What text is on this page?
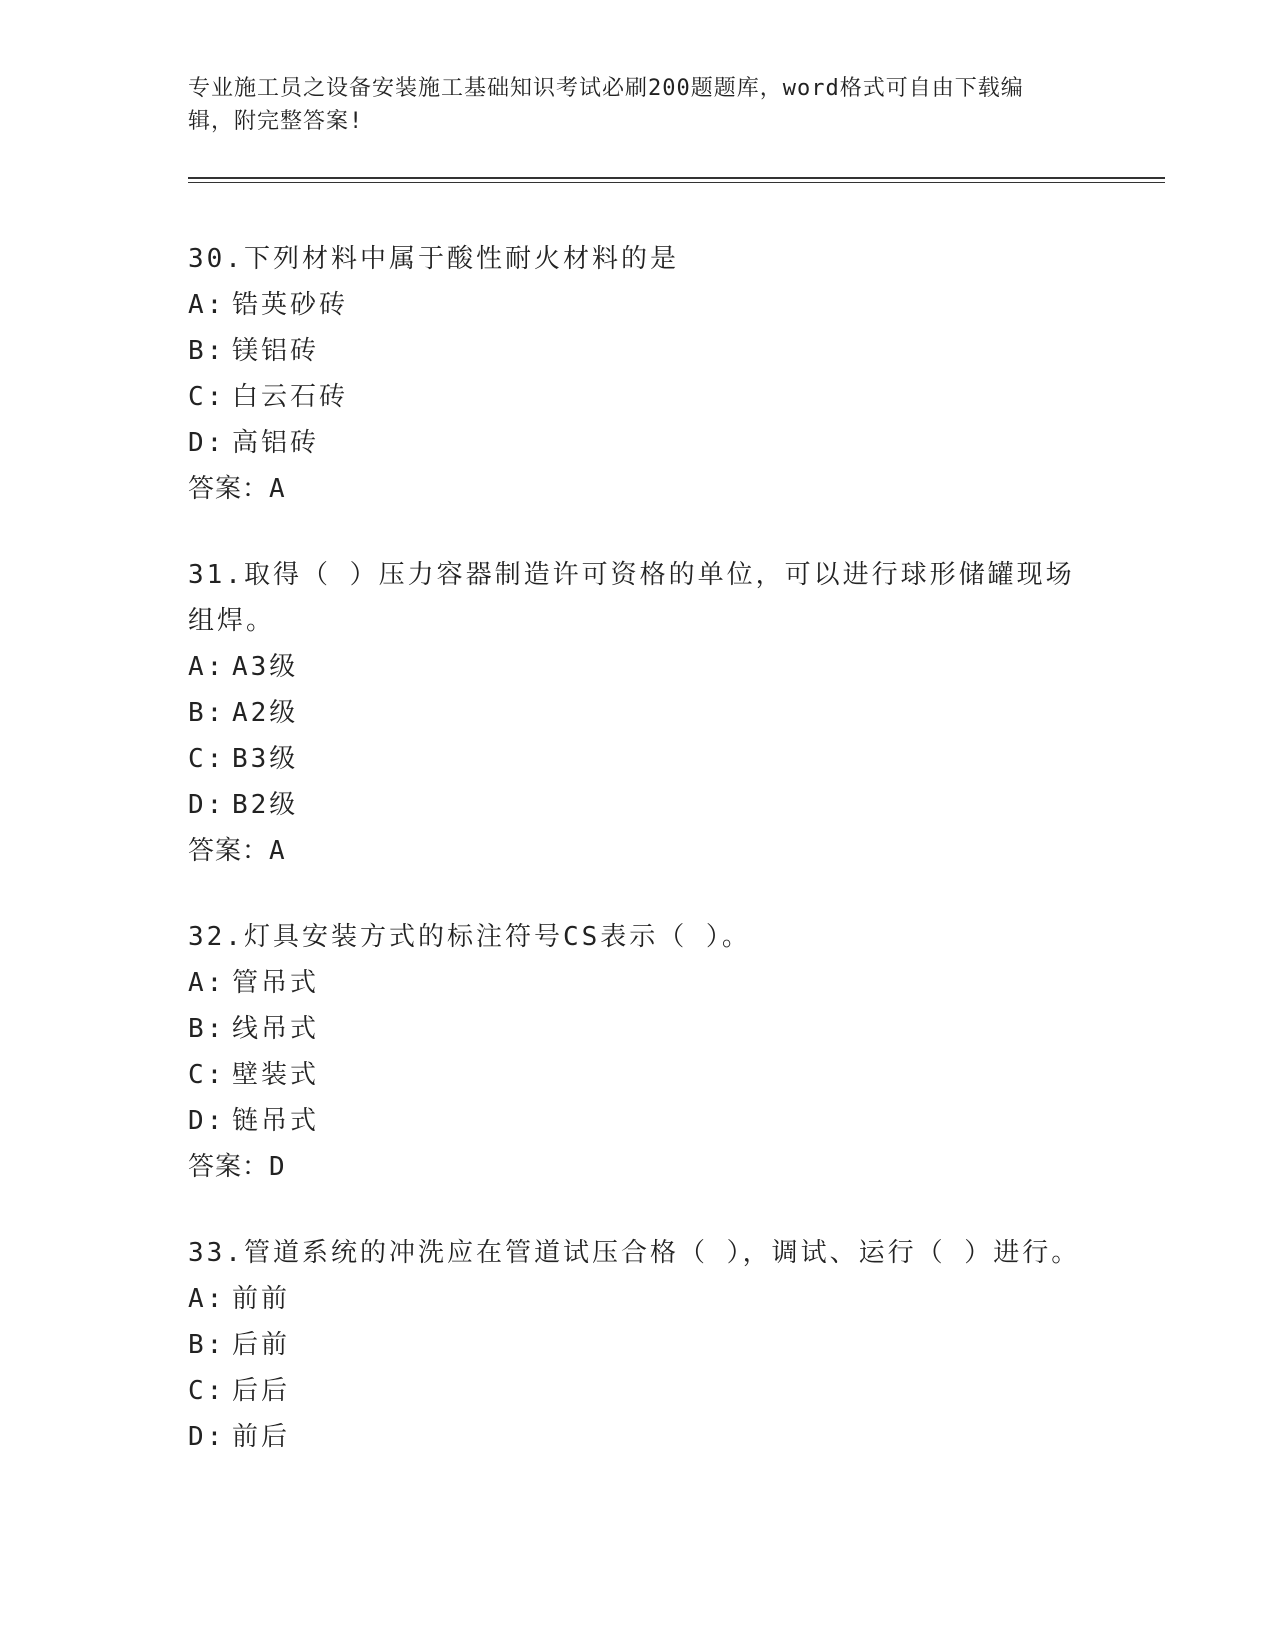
专业施工员之设备安装施工基础知识考试必刷200题题库，word格式可自由下载编辑，附完整答案!
30.下列材料中属于酸性耐火材料的是
A: 锆英砂砖
B: 镁铝砖
C: 白云石砖
D: 高铝砖
答案：A
31.取得（ ）压力容器制造许可资格的单位，可以进行球形储罐现场组焊。
A: A3级
B: A2级
C: B3级
D: B2级
答案：A
32.灯具安装方式的标注符号CS表示（ ）。
A: 管吊式
B: 线吊式
C: 壁装式
D: 链吊式
答案：D
33.管道系统的冲洗应在管道试压合格（ ），调试、运行（ ）进行。
A: 前前
B: 后前
C: 后后
D: 前后
